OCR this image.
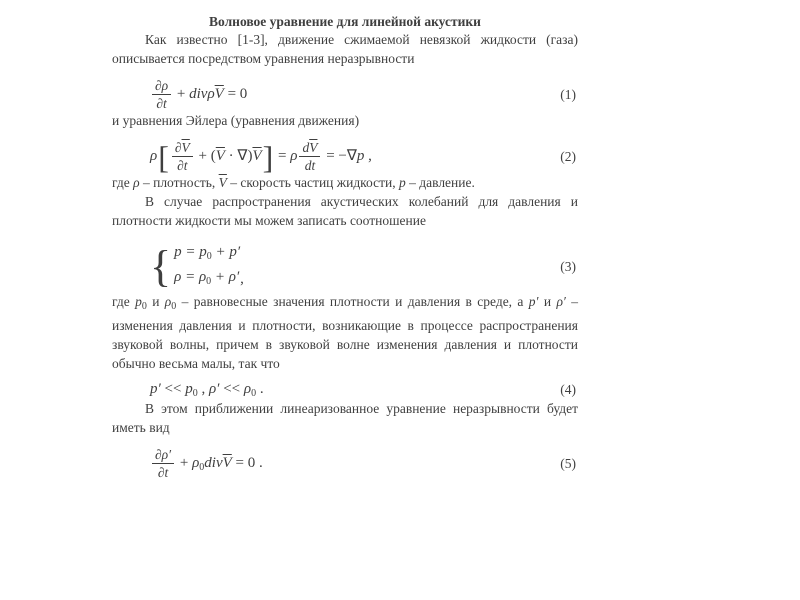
Волновое уравнение для линейной акустики

Как известно [1-3], движение сжимаемой невязкой жидкости (газа) описывается посредством уравнения неразрывности

$\frac{\partial\rho}{\partial t} + div\rho\overline{V} = 0$	(1)

и уравнения Эйлера (уравнения движения)

$\rho[ \frac{\partial\overline{V}}{\partial t} + (\overline{V} \cdot \nabla)\overline{V}] = \rho \frac{d\overline{V}}{dt} = -\nabla p$ ,	(2)

где ρ – плотность, $\overline{V}$ – скорость частиц жидкости, p – давление.

В случае распространения акустических колебаний для давления и плотности жидкости мы можем записать соотношение

{ $p = p_0 + p'$
$\rho = \rho_0 + \rho'$ ,
(3)

где $p_0$ и $\rho_0$ – равновесные значения плотности и давления в среде, а p′ и ρ′ – изменения давления и плотности, возникающие в процессе распространения звуковой волны, причем в звуковой волне изменения давления и плотности обычно весьма малы, так что

$p' << p_0$ , $\rho' << \rho_0$ .	(4)

В этом приближении линеаризованное уравнение неразрывности будет иметь вид

$\frac{\partial\rho'}{\partial t} + \rho_0div\overline{V} = 0$ .	(5)
